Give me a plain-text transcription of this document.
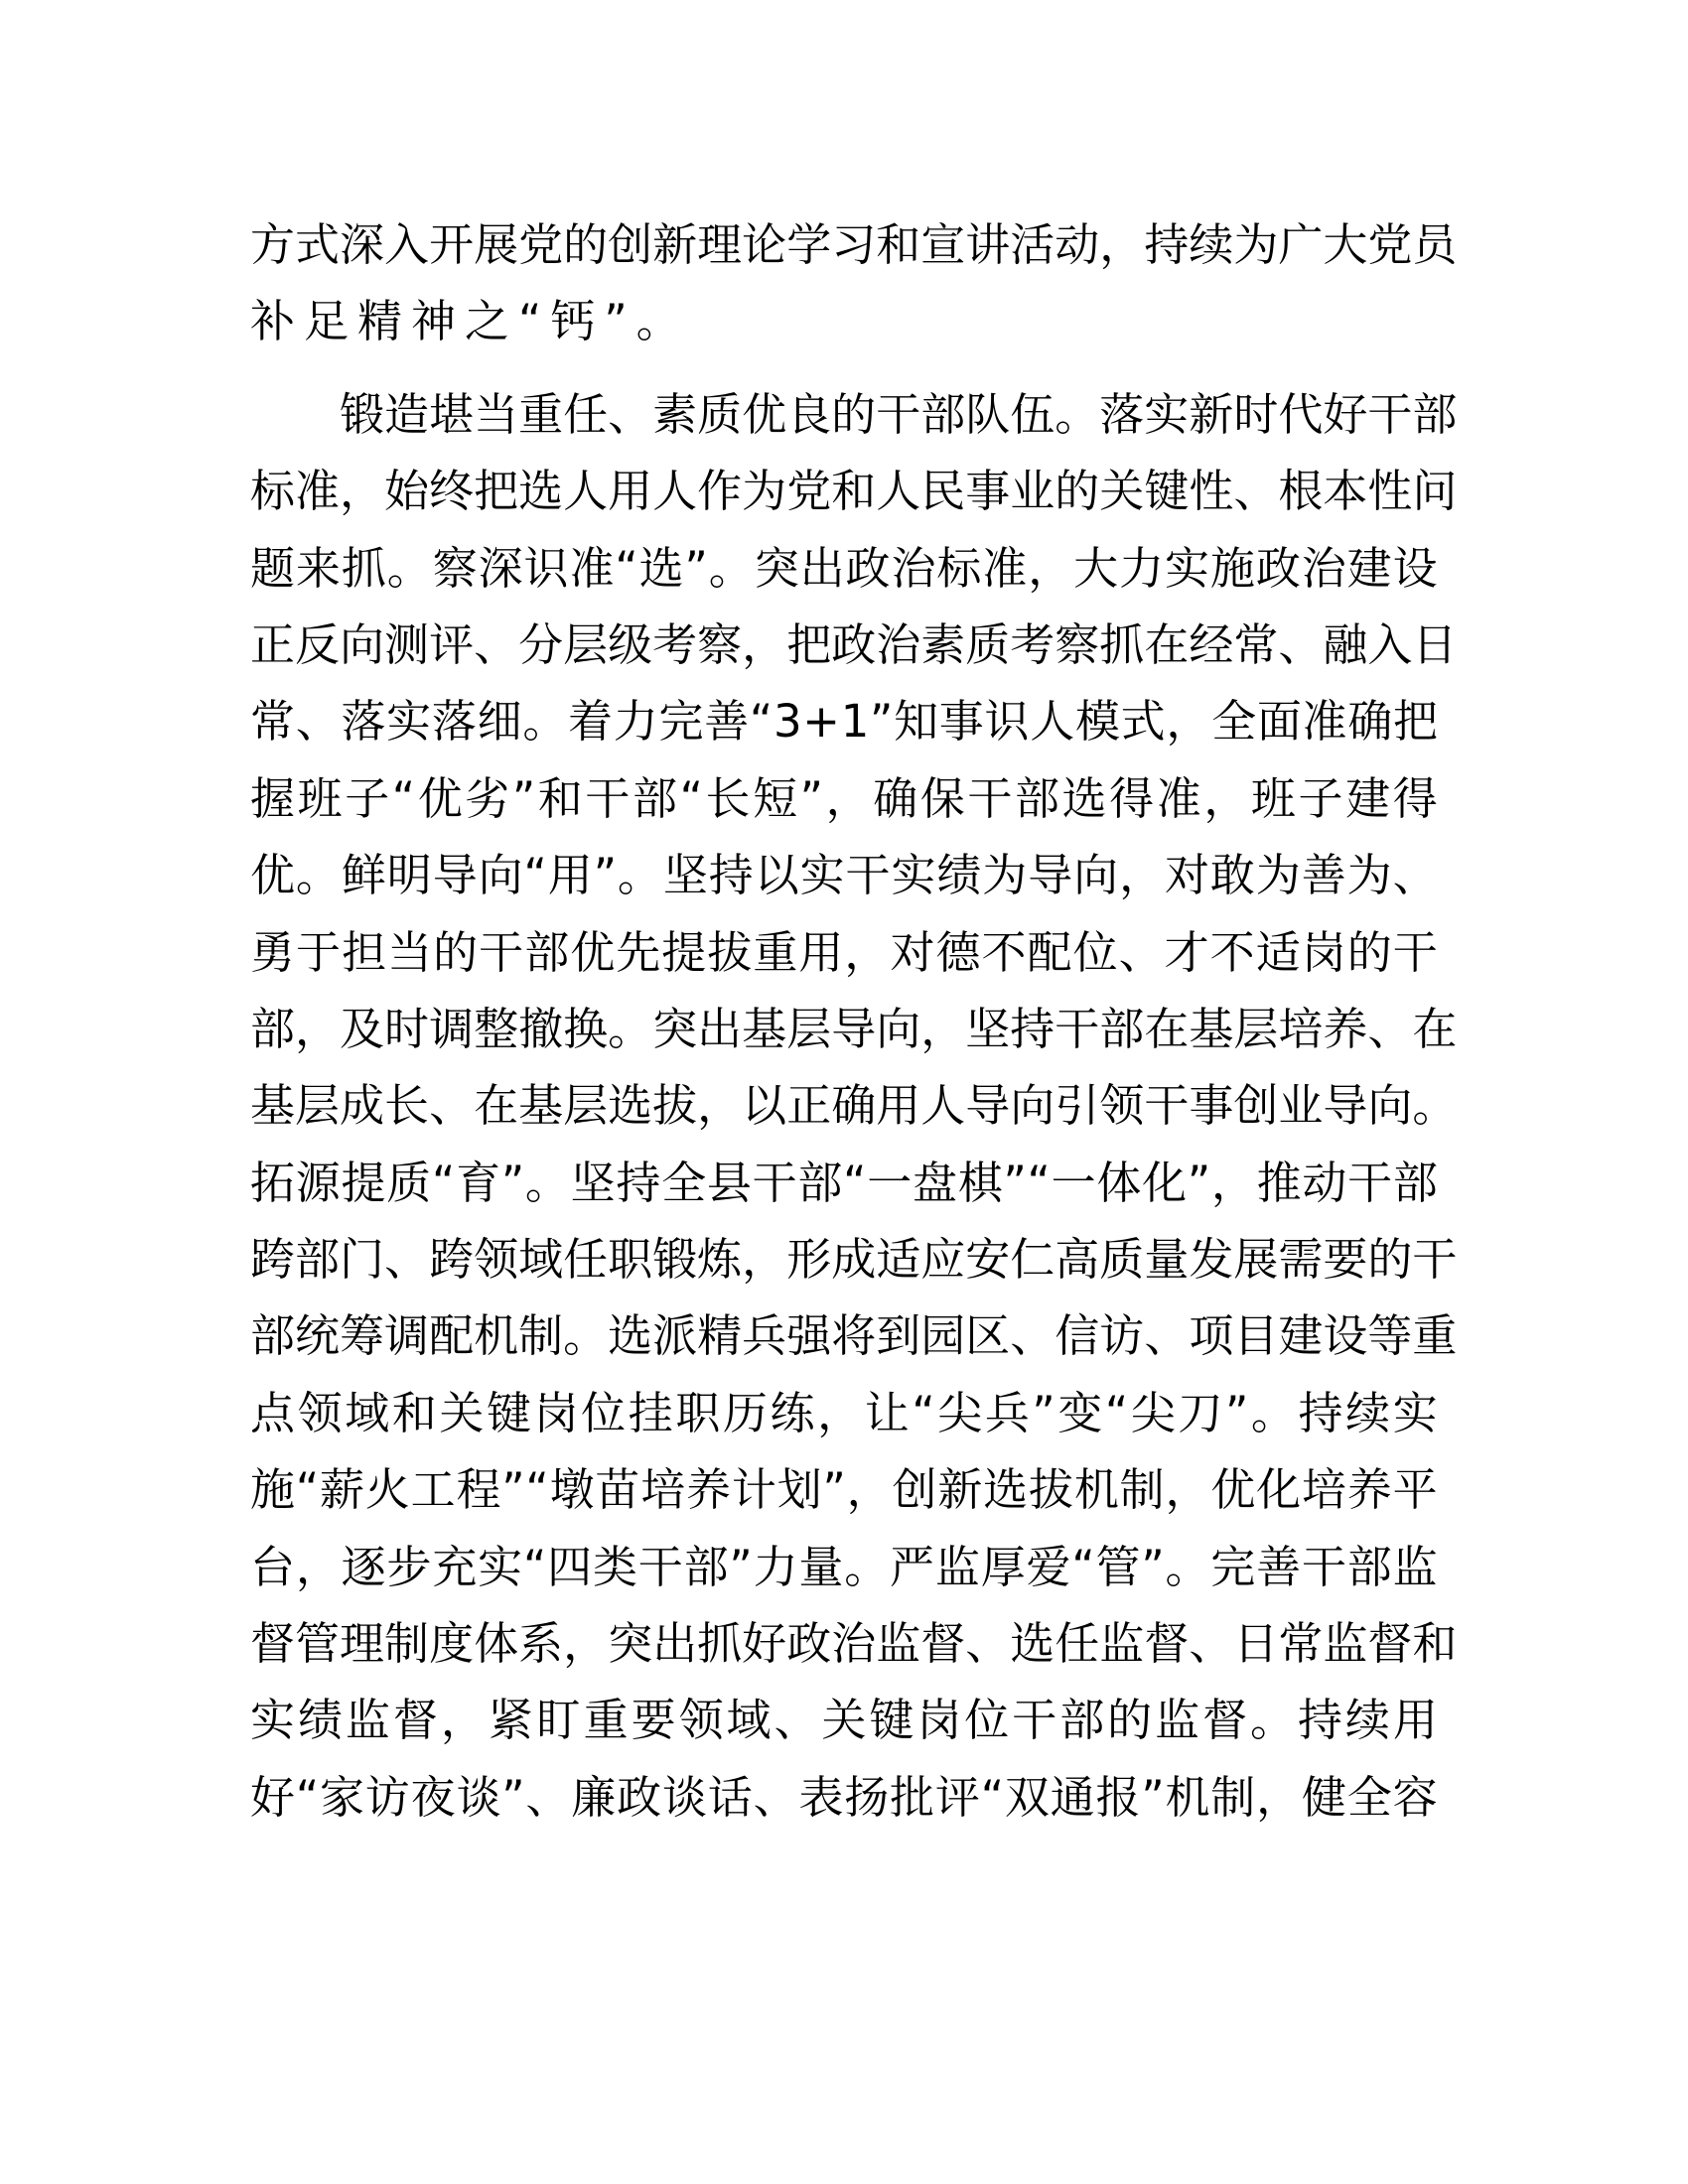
方 式 深 入 开 展 党 的 创 新 理 论 学 习 和 宣 讲 活 动 ， 持 续 为 广 大 党 员
补足精神之“钙”。

锻 造 堪 当 重 任 、 素 质 优 良 的 干 部 队 伍 。 落 实 新 时 代 好 干 部
标 准 ， 始 终 把 选 人 用 人 作 为 党 和 人 民 事 业 的 关 键 性 、 根 本 性 问
题 来 抓 。 察 深 识 准 “ 选 ” 。 突 出 政 治 标 准 ， 大 力 实 施 政 治 建 设
正 反 向 测 评 、 分 层 级 考 察 ， 把 政 治 素 质 考 察 抓 在 经 常 、 融 入 日
常 、 落 实 落 细 。 着 力 完 善 “ 3 + 1 ” 知 事 识 人 模 式 ， 全 面 准 确 把
握 班 子 “ 优 劣 ” 和 干 部 “ 长 短 ” ， 确 保 干 部 选 得 准 ， 班 子 建 得
优 。 鲜 明 导 向 “ 用 ” 。 坚 持 以 实 干 实 绩 为 导 向 ， 对 敢 为 善 为 、
勇 于 担 当 的 干 部 优 先 提 拔 重 用 ， 对 德 不 配 位 、 才 不 适 岗 的 干
部 ， 及 时 调 整 撤 换 。 突 出 基 层 导 向 ， 坚 持 干 部 在 基 层 培 养 、 在
基 层 成 长 、 在 基 层 选 拔 ， 以 正 确 用 人 导 向 引 领 干 事 创 业 导 向 。
拓 源 提 质 “ 育 ” 。 坚 持 全 县 干 部 “ 一 盘 棋 ” “ 一 体 化 ” ， 推 动 干 部
跨 部 门 、 跨 领 域 任 职 锻 炼 ， 形 成 适 应 安 仁 高 质 量 发 展 需 要 的 干
部 统 筹 调 配 机 制 。 选 派 精 兵 强 将 到 园 区 、 信 访 、 项 目 建 设 等 重
点 领 域 和 关 键 岗 位 挂 职 历 练 ， 让 “ 尖 兵 ” 变 “ 尖 刀 ” 。 持 续 实
施 “ 薪 火 工 程 ” “ 墩 苗 培 养 计 划 ” ， 创 新 选 拔 机 制 ， 优 化 培 养 平
台 ， 逐 步 充 实 “ 四 类 干 部 ” 力 量 。 严 监 厚 爱 “ 管 ” 。 完 善 干 部 监
督 管 理 制 度 体 系 ， 突 出 抓 好 政 治 监 督 、 选 任 监 督 、 日 常 监 督 和
实 绩 监 督 ， 紧 盯 重 要 领 域 、 关 键 岗 位 干 部 的 监 督 。 持 续 用
好 “ 家 访 夜 谈 ” 、 廉 政 谈 话 、 表 扬 批 评 “ 双 通 报 ” 机 制 ， 健 全 容
